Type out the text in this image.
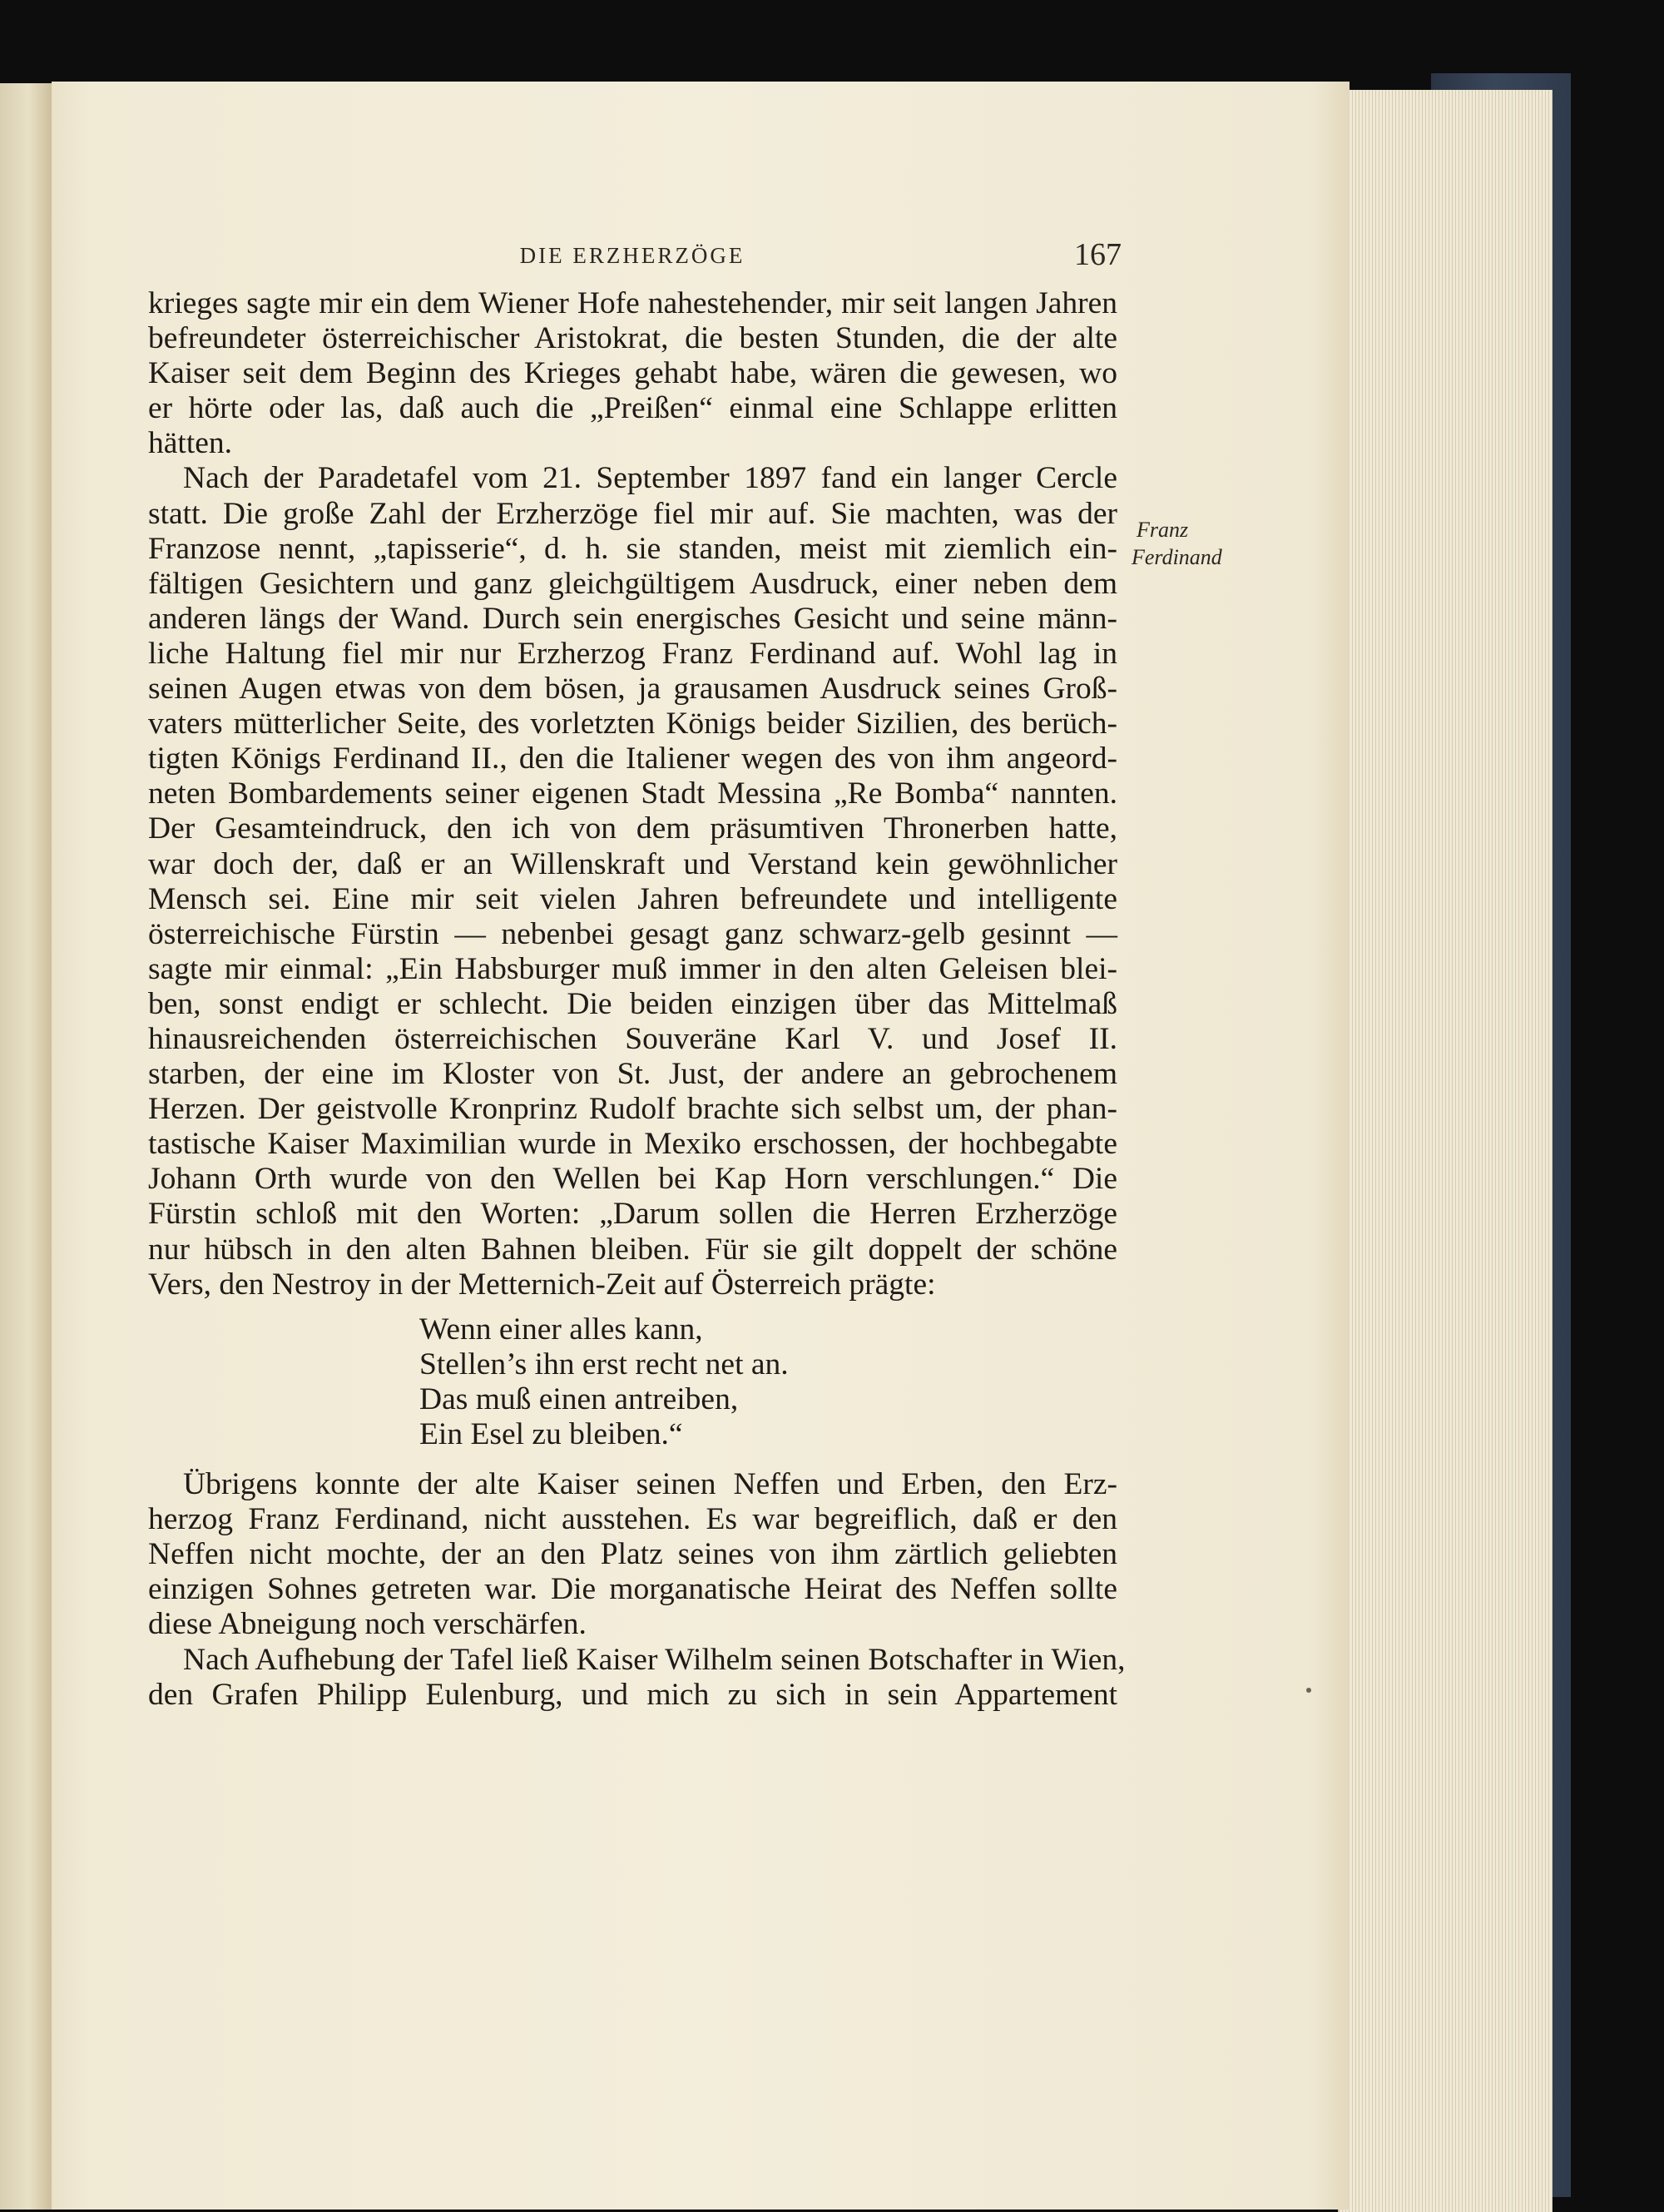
DIE ERZHERZÖGE	167
Franz
Ferdinand
krieges sagte mir ein dem Wiener Hofe nahestehender, mir seit langen Jahren
befreundeter österreichischer Aristokrat, die besten Stunden, die der alte
Kaiser seit dem Beginn des Krieges gehabt habe, wären die gewesen, wo
er hörte oder las, daß auch die „Preißen“ einmal eine Schlappe erlitten
hätten.
Nach der Paradetafel vom 21. September 1897 fand ein langer Cercle
statt. Die große Zahl der Erzherzöge fiel mir auf. Sie machten, was der
Franzose nennt, „tapisserie“, d. h. sie standen, meist mit ziemlich ein-
fältigen Gesichtern und ganz gleichgültigem Ausdruck, einer neben dem
anderen längs der Wand. Durch sein energisches Gesicht und seine männ-
liche Haltung fiel mir nur Erzherzog Franz Ferdinand auf. Wohl lag in
seinen Augen etwas von dem bösen, ja grausamen Ausdruck seines Groß-
vaters mütterlicher Seite, des vorletzten Königs beider Sizilien, des berüch-
tigten Königs Ferdinand II., den die Italiener wegen des von ihm angeord-
neten Bombardements seiner eigenen Stadt Messina „Re Bomba“ nannten.
Der Gesamteindruck, den ich von dem präsumtiven Thronerben hatte,
war doch der, daß er an Willenskraft und Verstand kein gewöhnlicher
Mensch sei. Eine mir seit vielen Jahren befreundete und intelligente
österreichische Fürstin — nebenbei gesagt ganz schwarz-gelb gesinnt —
sagte mir einmal: „Ein Habsburger muß immer in den alten Geleisen blei-
ben, sonst endigt er schlecht. Die beiden einzigen über das Mittelmaß
hinausreichenden österreichischen Souveräne Karl V. und Josef II.
starben, der eine im Kloster von St. Just, der andere an gebrochenem
Herzen. Der geistvolle Kronprinz Rudolf brachte sich selbst um, der phan-
tastische Kaiser Maximilian wurde in Mexiko erschossen, der hochbegabte
Johann Orth wurde von den Wellen bei Kap Horn verschlungen.“ Die
Fürstin schloß mit den Worten: „Darum sollen die Herren Erzherzöge
nur hübsch in den alten Bahnen bleiben. Für sie gilt doppelt der schöne
Vers, den Nestroy in der Metternich-Zeit auf Österreich prägte:
Wenn einer alles kann,
Stellen’s ihn erst recht net an.
Das muß einen antreiben,
Ein Esel zu bleiben.“
Übrigens konnte der alte Kaiser seinen Neffen und Erben, den Erz-
herzog Franz Ferdinand, nicht ausstehen. Es war begreiflich, daß er den
Neffen nicht mochte, der an den Platz seines von ihm zärtlich geliebten
einzigen Sohnes getreten war. Die morganatische Heirat des Neffen sollte
diese Abneigung noch verschärfen.
Nach Aufhebung der Tafel ließ Kaiser Wilhelm seinen Botschafter in Wien,
den Grafen Philipp Eulenburg, und mich zu sich in sein Appartement
